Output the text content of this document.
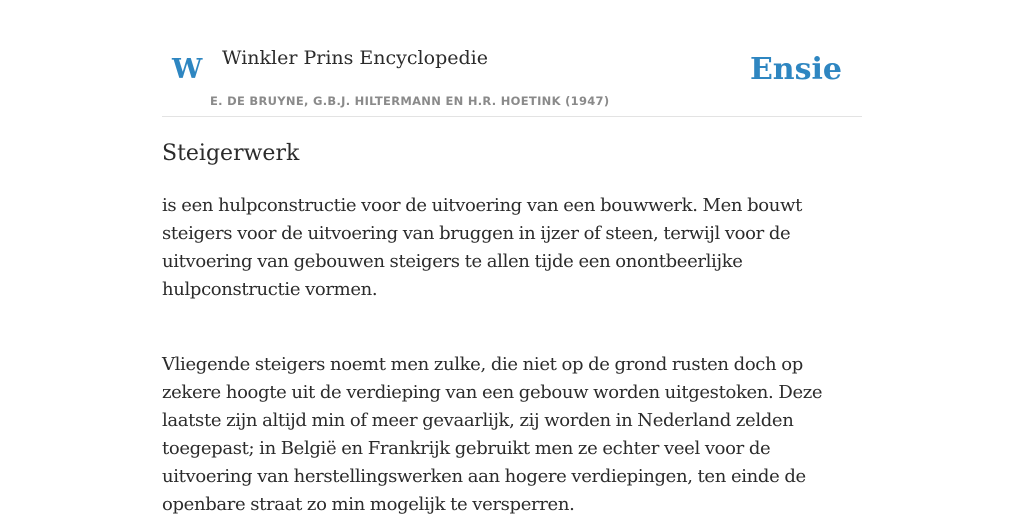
W Winkler Prins Encyclopedie
E. DE BRUYNE, G.B.J. HILTERMANN EN H.R. HOETINK (1947)
Ensie
Steigerwerk

is een hulpconstructie voor de uitvoering van een bouwwerk. Men bouwt steigers voor de uitvoering van bruggen in ijzer of steen, terwijl voor de uitvoering van gebouwen steigers te allen tijde een onontbeerlijke hulpconstructie vormen.

Vliegende steigers noemt men zulke, die niet op de grond rusten doch op zekere hoogte uit de verdieping van een gebouw worden uitgestoken. Deze laatste zijn altijd min of meer gevaarlijk, zij worden in Nederland zelden toegepast; in België en Frankrijk gebruikt men ze echter veel voor de uitvoering van herstellingswerken aan hogere verdiepingen, ten einde de openbare straat zo min mogelijk te versperren.
